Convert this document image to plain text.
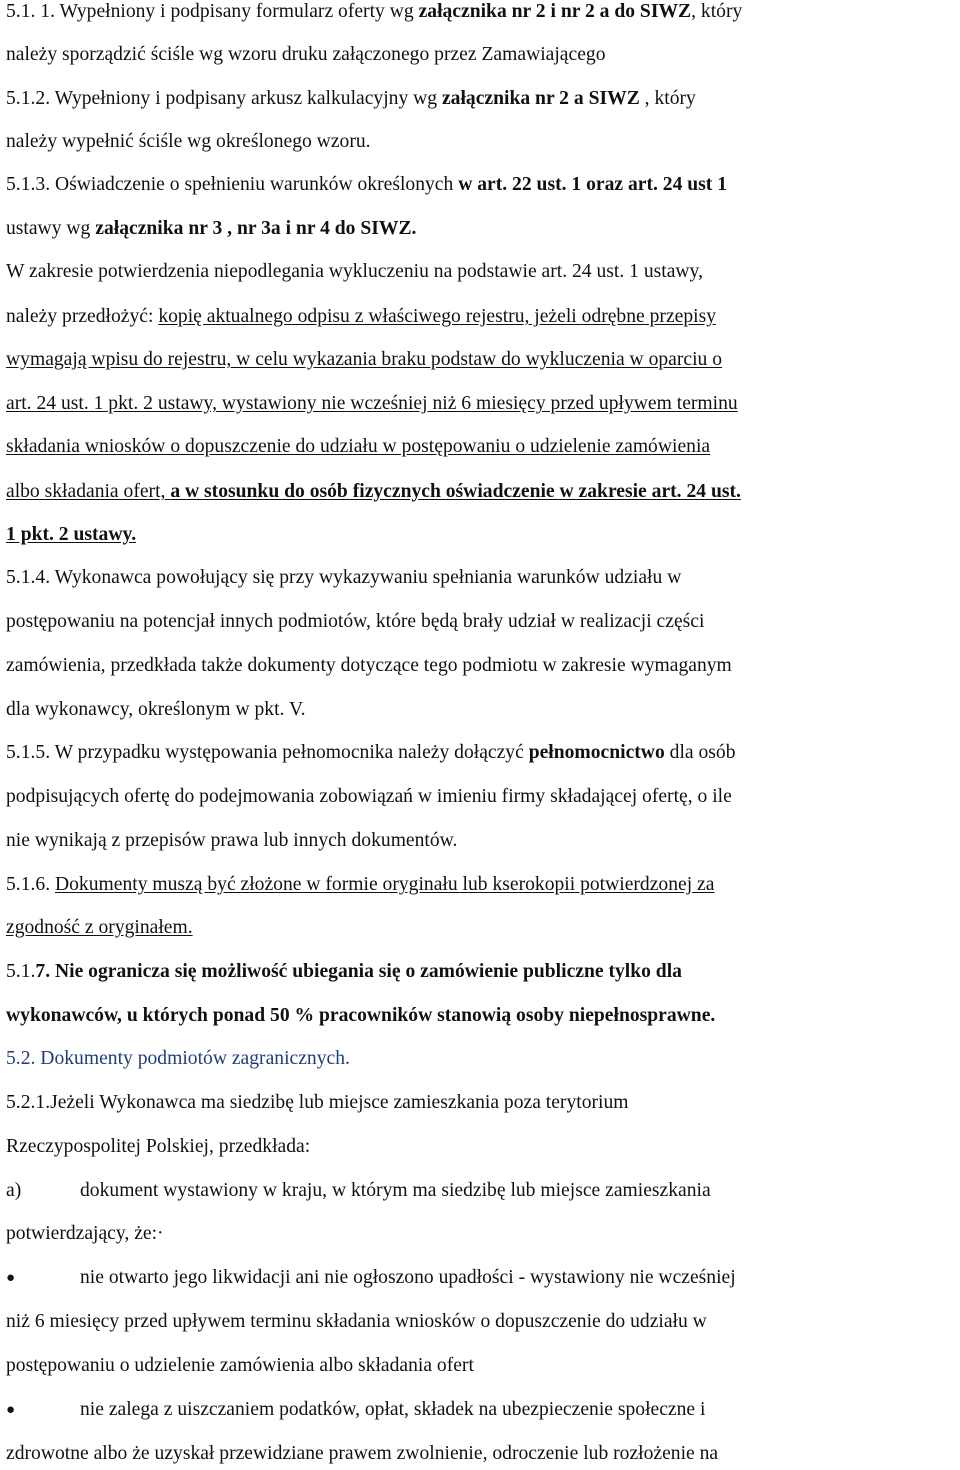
5.1. 1. Wypełniony i podpisany formularz oferty wg załącznika nr 2 i nr 2 a do SIWZ, który

należy sporządzić ściśle wg wzoru druku załączonego przez Zamawiającego

5.1.2. Wypełniony i podpisany arkusz kalkulacyjny wg załącznika nr 2 a SIWZ , który

należy wypełnić ściśle wg określonego wzoru.

5.1.3. Oświadczenie o spełnieniu warunków określonych w art. 22 ust. 1 oraz art. 24 ust 1

ustawy wg załącznika nr 3 , nr 3a i nr 4 do SIWZ.

W zakresie potwierdzenia niepodlegania wykluczeniu na podstawie art. 24 ust. 1 ustawy,

należy przedłożyć: kopię aktualnego odpisu z właściwego rejestru, jeżeli odrębne przepisy

wymagają wpisu do rejestru, w celu wykazania braku podstaw do wykluczenia w oparciu o

art. 24 ust. 1 pkt. 2 ustawy, wystawiony nie wcześniej niż 6 miesięcy przed upływem terminu

składania wniosków o dopuszczenie do udziału w postępowaniu o udzielenie zamówienia

albo składania ofert, a w stosunku do osób fizycznych oświadczenie w zakresie art. 24 ust.

1 pkt. 2 ustawy.

5.1.4. Wykonawca powołujący się przy wykazywaniu spełniania warunków udziału w

postępowaniu na potencjał innych podmiotów, które będą brały udział w realizacji części

zamówienia, przedkłada także dokumenty dotyczące tego podmiotu w zakresie wymaganym

dla wykonawcy, określonym w pkt. V.

5.1.5. W przypadku występowania pełnomocnika należy dołączyć pełnomocnictwo dla osób

podpisujących ofertę do podejmowania zobowiązań w imieniu firmy składającej ofertę, o ile

nie wynikają z przepisów prawa lub innych dokumentów.

5.1.6. Dokumenty muszą być złożone w formie oryginału lub kserokopii potwierdzonej za

zgodność z oryginałem.

5.1.7. Nie ogranicza się możliwość ubiegania się o zamówienie publiczne tylko dla

wykonawców, u których ponad 50 % pracowników stanowią osoby niepełnosprawne.

5.2. Dokumenty podmiotów zagranicznych.

5.2.1.Jeżeli Wykonawca ma siedzibę lub miejsce zamieszkania poza terytorium

Rzeczypospolitej Polskiej, przedkłada:

a)	dokument wystawiony w kraju, w którym ma siedzibę lub miejsce zamieszkania

potwierdzający, że:·

●	nie otwarto jego likwidacji ani nie ogłoszono upadłości - wystawiony nie wcześniej

niż 6 miesięcy przed upływem terminu składania wniosków o dopuszczenie do udziału w

postępowaniu o udzielenie zamówienia albo składania ofert

●	nie zalega z uiszczaniem podatków, opłat, składek na ubezpieczenie społeczne i

zdrowotne albo że uzyskał przewidziane prawem zwolnienie, odroczenie lub rozłożenie na
